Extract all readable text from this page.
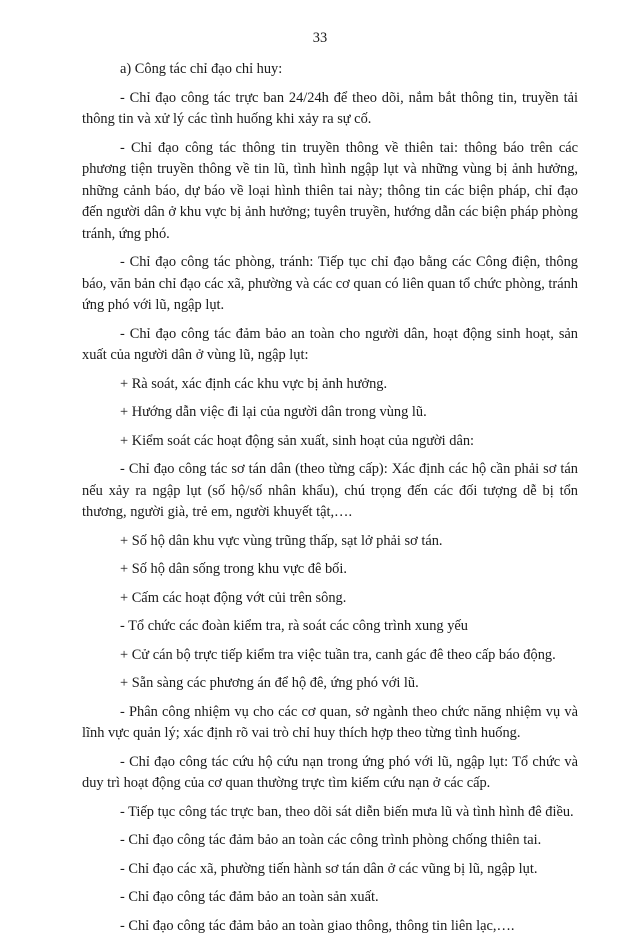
33

a) Công tác chỉ đạo chỉ huy:

- Chỉ đạo công tác trực ban 24/24h để theo dõi, nắm bắt thông tin, truyền tải thông tin và xử lý các tình huống khi xảy ra sự cố.

- Chỉ đạo công tác thông tin truyền thông về thiên tai: thông báo trên các phương tiện truyền thông về tin lũ, tình hình ngập lụt và những vùng bị ảnh hưởng, những cảnh báo, dự báo về loại hình thiên tai này; thông tin các biện pháp, chỉ đạo đến người dân ở khu vực bị ảnh hưởng; tuyên truyền, hướng dẫn các biện pháp phòng tránh, ứng phó.

- Chỉ đạo công tác phòng, tránh: Tiếp tục chỉ đạo bằng các Công điện, thông báo, văn bản chỉ đạo các xã, phường và các cơ quan có liên quan tổ chức phòng, tránh ứng phó với lũ, ngập lụt.

- Chỉ đạo công tác đảm bảo an toàn cho người dân, hoạt động sinh hoạt, sản xuất của người dân ở vùng lũ, ngập lụt:

+ Rà soát, xác định các khu vực bị ảnh hưởng.

+ Hướng dẫn việc đi lại của người dân trong vùng lũ.

+ Kiểm soát các hoạt động sản xuất, sinh hoạt của người dân:

- Chỉ đạo công tác sơ tán dân (theo từng cấp): Xác định các hộ cần phải sơ tán nếu xảy ra ngập lụt (số hộ/số nhân khẩu), chú trọng đến các đối tượng dễ bị tổn thương, người già, trẻ em, người khuyết tật,….

+ Số hộ dân khu vực vùng trũng thấp, sạt lở phải sơ tán.

+ Số hộ dân sống trong khu vực đê bối.

+ Cấm các hoạt động vớt củi trên sông.

- Tổ chức các đoàn kiểm tra, rà soát các công trình xung yếu

+ Cử cán bộ trực tiếp kiểm tra việc tuần tra, canh gác đê theo cấp báo động.

+ Sẵn sàng các phương án để hộ đê, ứng phó với lũ.

- Phân công nhiệm vụ cho các cơ quan, sở ngành theo chức năng nhiệm vụ và lĩnh vực quản lý; xác định rõ vai trò chỉ huy thích hợp theo từng tình huống.

- Chỉ đạo công tác cứu hộ cứu nạn trong ứng phó với lũ, ngập lụt: Tổ chức và duy trì hoạt động của cơ quan thường trực tìm kiếm cứu nạn ở các cấp.

- Tiếp tục công tác trực ban, theo dõi sát diễn biến mưa lũ và tình hình đê điều.

- Chỉ đạo công tác đảm bảo an toàn các công trình phòng chống thiên tai.

- Chỉ đạo các xã, phường tiến hành sơ tán dân ở các vũng bị lũ, ngập lụt.

- Chỉ đạo công tác đảm bảo an toàn sản xuất.

- Chỉ đạo công tác đảm bảo an toàn giao thông, thông tin liên lạc,….
